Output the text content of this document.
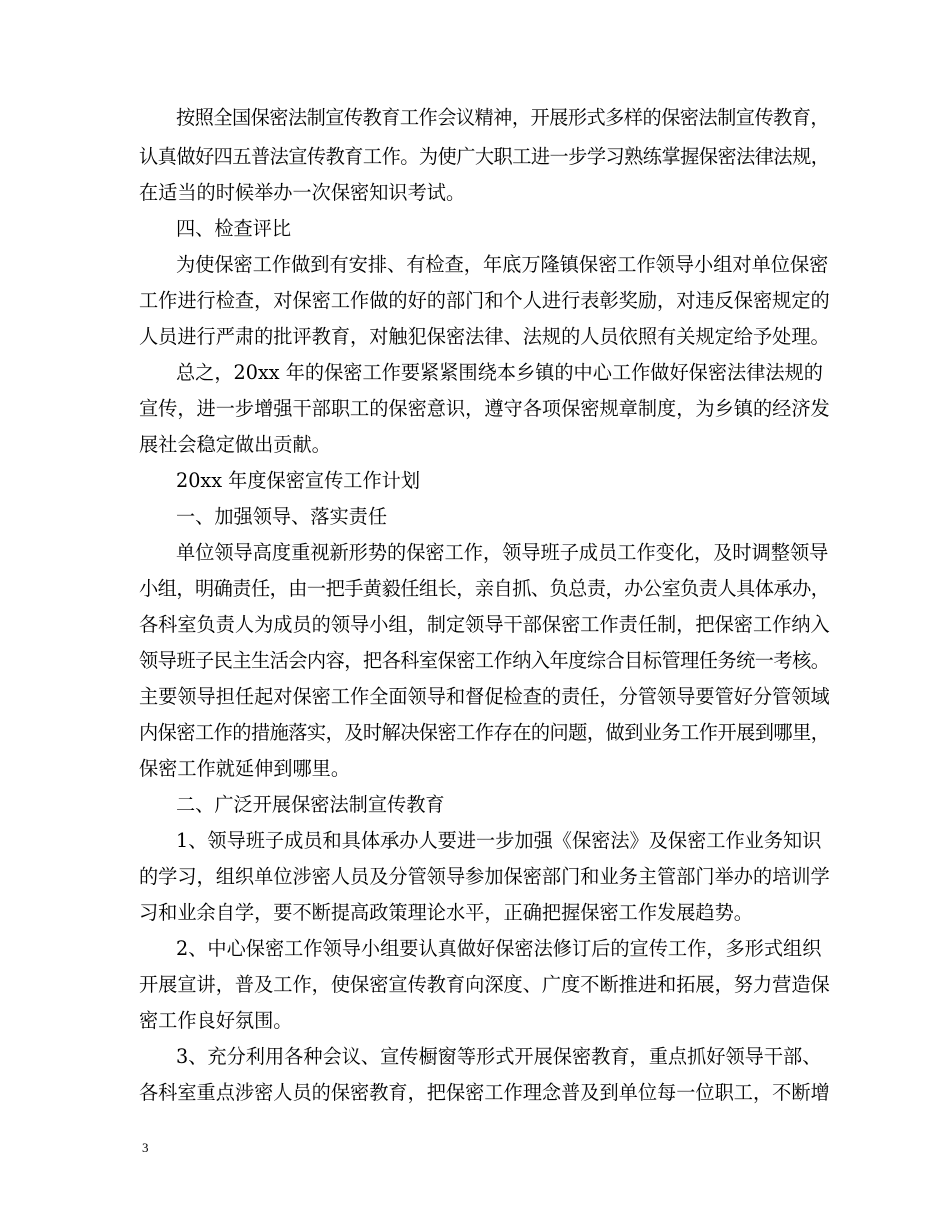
按照全国保密法制宣传教育工作会议精神，开展形式多样的保密法制宣传教育，
认真做好四五普法宣传教育工作。为使广大职工进一步学习熟练掌握保密法律法规，
在适当的时候举办一次保密知识考试。
四、检查评比
为使保密工作做到有安排、有检查，年底万隆镇保密工作领导小组对单位保密
工作进行检查，对保密工作做的好的部门和个人进行表彰奖励，对违反保密规定的
人员进行严肃的批评教育，对触犯保密法律、法规的人员依照有关规定给予处理。
总之，20xx 年的保密工作要紧紧围绕本乡镇的中心工作做好保密法律法规的
宣传，进一步增强干部职工的保密意识，遵守各项保密规章制度，为乡镇的经济发
展社会稳定做出贡献。
20xx 年度保密宣传工作计划
一、加强领导、落实责任
单位领导高度重视新形势的保密工作，领导班子成员工作变化，及时调整领导
小组，明确责任，由一把手黄毅任组长，亲自抓、负总责，办公室负责人具体承办，
各科室负责人为成员的领导小组，制定领导干部保密工作责任制，把保密工作纳入
领导班子民主生活会内容，把各科室保密工作纳入年度综合目标管理任务统一考核。
主要领导担任起对保密工作全面领导和督促检查的责任，分管领导要管好分管领域
内保密工作的措施落实，及时解决保密工作存在的问题，做到业务工作开展到哪里，
保密工作就延伸到哪里。
二、广泛开展保密法制宣传教育
1、领导班子成员和具体承办人要进一步加强《保密法》及保密工作业务知识
的学习，组织单位涉密人员及分管领导参加保密部门和业务主管部门举办的培训学
习和业余自学，要不断提高政策理论水平，正确把握保密工作发展趋势。
2、中心保密工作领导小组要认真做好保密法修订后的宣传工作，多形式组织
开展宣讲，普及工作，使保密宣传教育向深度、广度不断推进和拓展，努力营造保
密工作良好氛围。
3、充分利用各种会议、宣传橱窗等形式开展保密教育，重点抓好领导干部、
各科室重点涉密人员的保密教育，把保密工作理念普及到单位每一位职工，不断增
3
